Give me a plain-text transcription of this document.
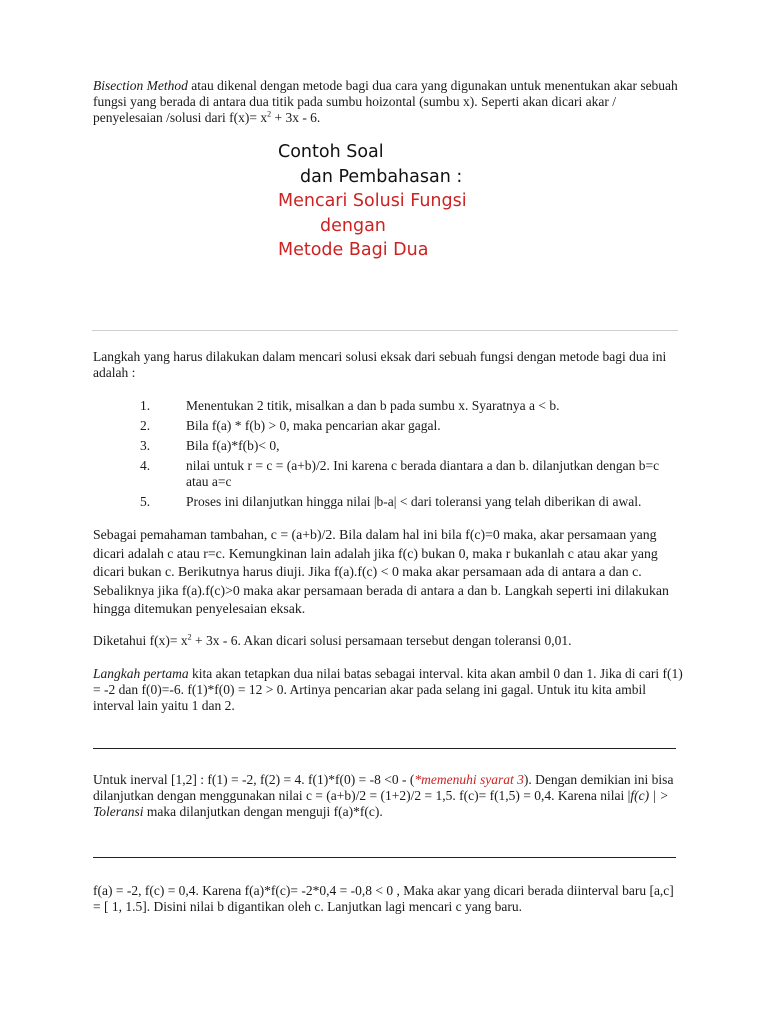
Bisection Method atau dikenal dengan metode bagi dua cara yang digunakan untuk menentukan akar sebuah fungsi yang berada di antara dua titik pada sumbu hoizontal (sumbu x). Seperti akan dicari akar / penyelesaian /solusi dari $f(x)= x^2 + 3x - 6$.

Contoh Soal
dan Pembahasan :
Mencari Solusi Fungsi
dengan
Metode Bagi Dua

Langkah yang harus dilakukan dalam mencari solusi eksak dari sebuah fungsi dengan metode bagi dua ini adalah :

1.	Menentukan 2 titik, misalkan a dan b pada sumbu x. Syaratnya a < b.
2.	Bila f(a) * f(b) > 0, maka pencarian akar gagal.
3.	Bila f(a)*f(b)< 0,
4.	nilai untuk r = c = (a+b)/2. Ini karena c berada diantara a dan b. dilanjutkan dengan b=c atau a=c
5.	Proses ini dilanjutkan hingga nilai |b-a| < dari toleransi yang telah diberikan di awal.

Sebagai pemahaman tambahan, c = (a+b)/2. Bila dalam hal ini bila f(c)=0 maka, akar persamaan yang dicari adalah c atau r=c. Kemungkinan lain adalah jika f(c) bukan 0, maka r bukanlah c atau akar yang dicari bukan c. Berikutnya harus diuji. Jika f(a).f(c) < 0 maka akar persamaan ada di antara a dan c. Sebaliknya jika f(a).f(c)>0 maka akar persamaan berada di antara a dan b. Langkah seperti ini dilakukan hingga ditemukan penyelesaian eksak.

Diketahui $f(x)= x^2 + 3x - 6$. Akan dicari solusi persamaan tersebut dengan toleransi 0,01.

Langkah pertama kita akan tetapkan dua nilai batas sebagai interval. kita akan ambil 0 dan 1. Jika di cari f(1) = -2 dan f(0)=-6. f(1)*f(0) = 12 > 0. Artinya pencarian akar pada selang ini gagal. Untuk itu kita ambil interval lain yaitu 1 dan 2.

Untuk inerval [1,2] : f(1) = -2, f(2) = 4. f(1)*f(0) = -8 <0 - (*memenuhi syarat 3). Dengan demikian ini bisa dilanjutkan dengan menggunakan nilai c = (a+b)/2 = (1+2)/2 = 1,5. f(c)= f(1,5) = 0,4. Karena nilai |f(c) | > Toleransi maka dilanjutkan dengan menguji f(a)*f(c).

f(a) = -2, f(c) = 0,4. Karena f(a)*f(c)= -2*0,4 = -0,8 < 0 , Maka akar yang dicari berada diinterval baru [a,c] = [ 1, 1.5]. Disini nilai b digantikan oleh c. Lanjutkan lagi mencari c yang baru.
